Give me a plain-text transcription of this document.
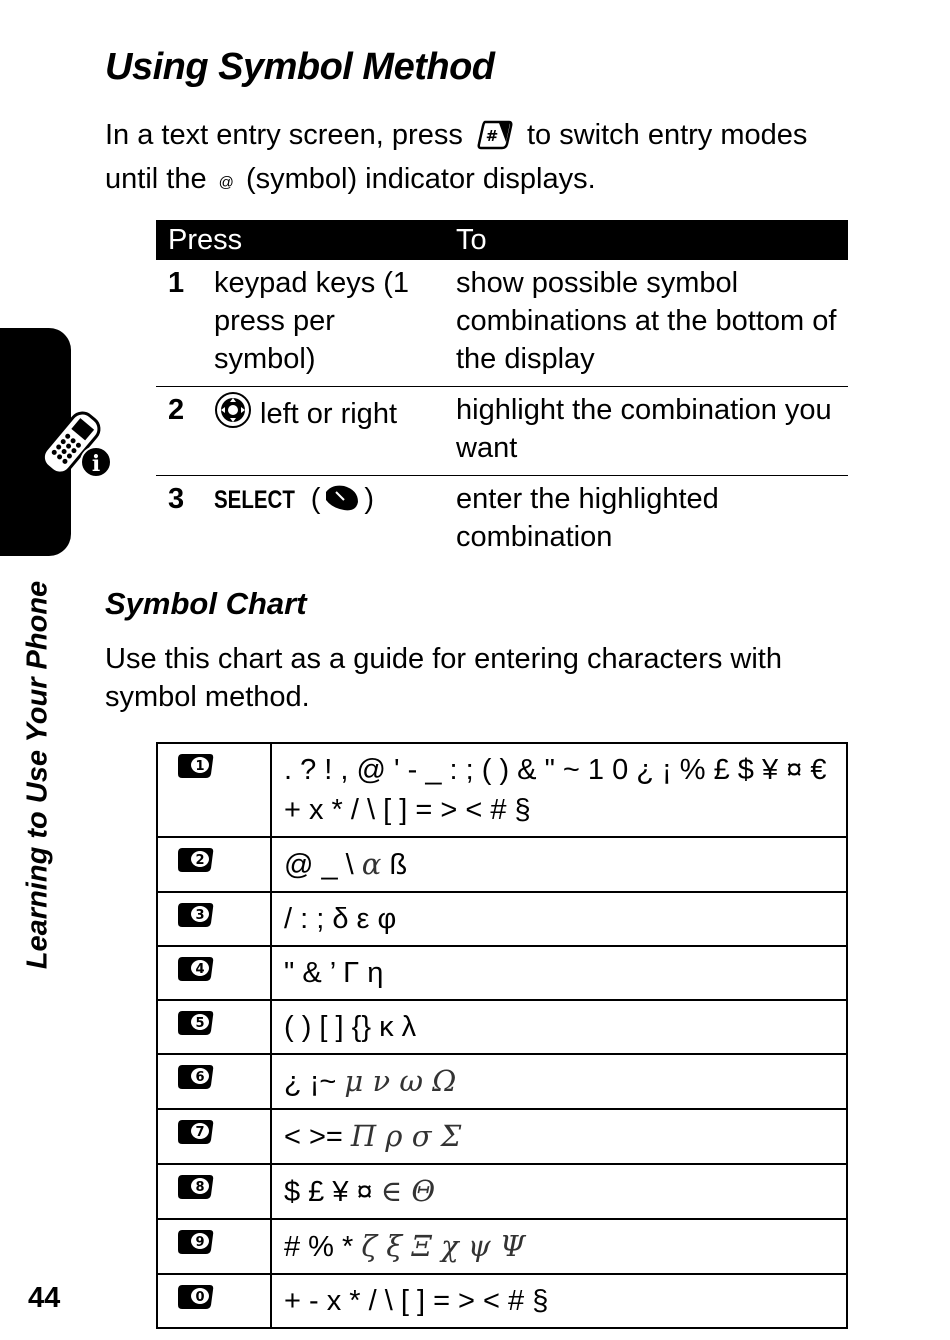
i
Learning to Use Your Phone
44
Using Symbol Method
In a text entry screen, press # to switch entry modes until the @ (symbol) indicator displays.
Press		To
1	keypad keys (1 press per symbol)	show possible symbol combinations at the bottom of the display
2	left or right	highlight the combination you want
3	SELECT ( )	enter the highlighted combination
Symbol Chart
Use this chart as a guide for entering characters with symbol method.
1	. ? ! , @ ' - _ : ; ( ) & " ~ 1 0 ¿ ¡ % £ $ ¥ ¤ € + x * / \ [ ] = > < # §

2	@ _ \ α ß

3	/ : ; δ ε φ

4	" & ’ Γ η

5	( ) [ ] {} κ λ

6	¿ ¡~ μ ν ω Ω

7	< >= Π ρ σ Σ

8	$ £ ¥ ¤ ∈ Θ

9	# % * ζ ξ Ξ χ ψ Ψ

0	+ - x * / \ [ ] = > < # §
